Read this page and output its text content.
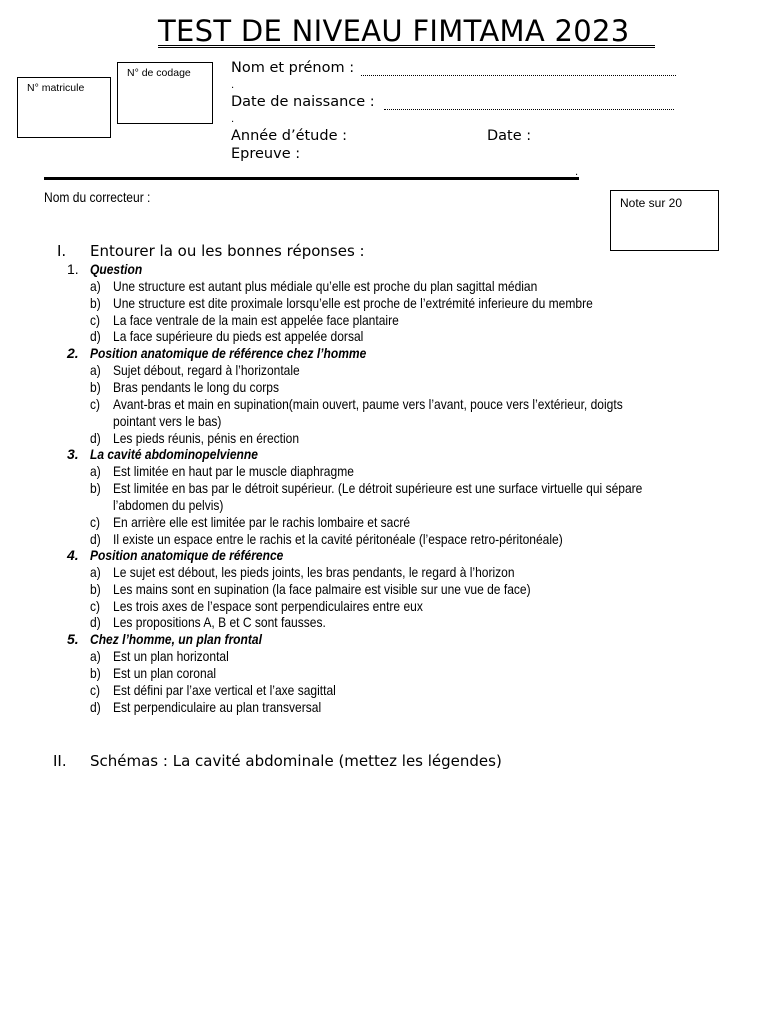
TEST DE NIVEAU FIMTAMA 2023
N° matricule
N° de codage	Nom et prénom :
.
Date de naissance :
.
Année d’étude :	Date :
Epreuve :
.
Nom du correcteur :	Note sur 20
I. Entourer la ou les bonnes réponses :
1. Question
a) Une structure est autant plus médiale qu’elle est proche du plan sagittal médian
b) Une structure est dite proximale lorsqu’elle est proche de l’extrémité inferieure du membre
c) La face ventrale de la main est appelée face plantaire
d) La face supérieure du pieds est appelée dorsal
2. Position anatomique de référence chez l’homme
a) Sujet débout, regard à l’horizontale
b) Bras pendants le long du corps
c) Avant-bras et main en supination(main ouvert, paume vers l’avant, pouce vers l’extérieur, doigts
pointant vers le bas)
d) Les pieds réunis, pénis en érection
3. La cavité abdominopelvienne
a) Est limitée en haut par le muscle diaphragme
b) Est limitée en bas par le détroit supérieur. (Le détroit supérieure est une surface virtuelle qui sépare
l’abdomen du pelvis)
c) En arrière elle est limitée par le rachis lombaire et sacré
d) Il existe un espace entre le rachis et la cavité péritonéale (l’espace retro-péritonéale)
4. Position anatomique de référence
a) Le sujet est débout, les pieds joints, les bras pendants, le regard à l’horizon
b) Les mains sont en supination (la face palmaire est visible sur une vue de face)
c) Les trois axes de l’espace sont perpendiculaires entre eux
d) Les propositions A, B et C sont fausses.
5. Chez l’homme, un plan frontal
a) Est un plan horizontal
b) Est un plan coronal
c) Est défini par l’axe vertical et l’axe sagittal
d) Est perpendiculaire au plan transversal
II. Schémas : La cavité abdominale (mettez les légendes)
